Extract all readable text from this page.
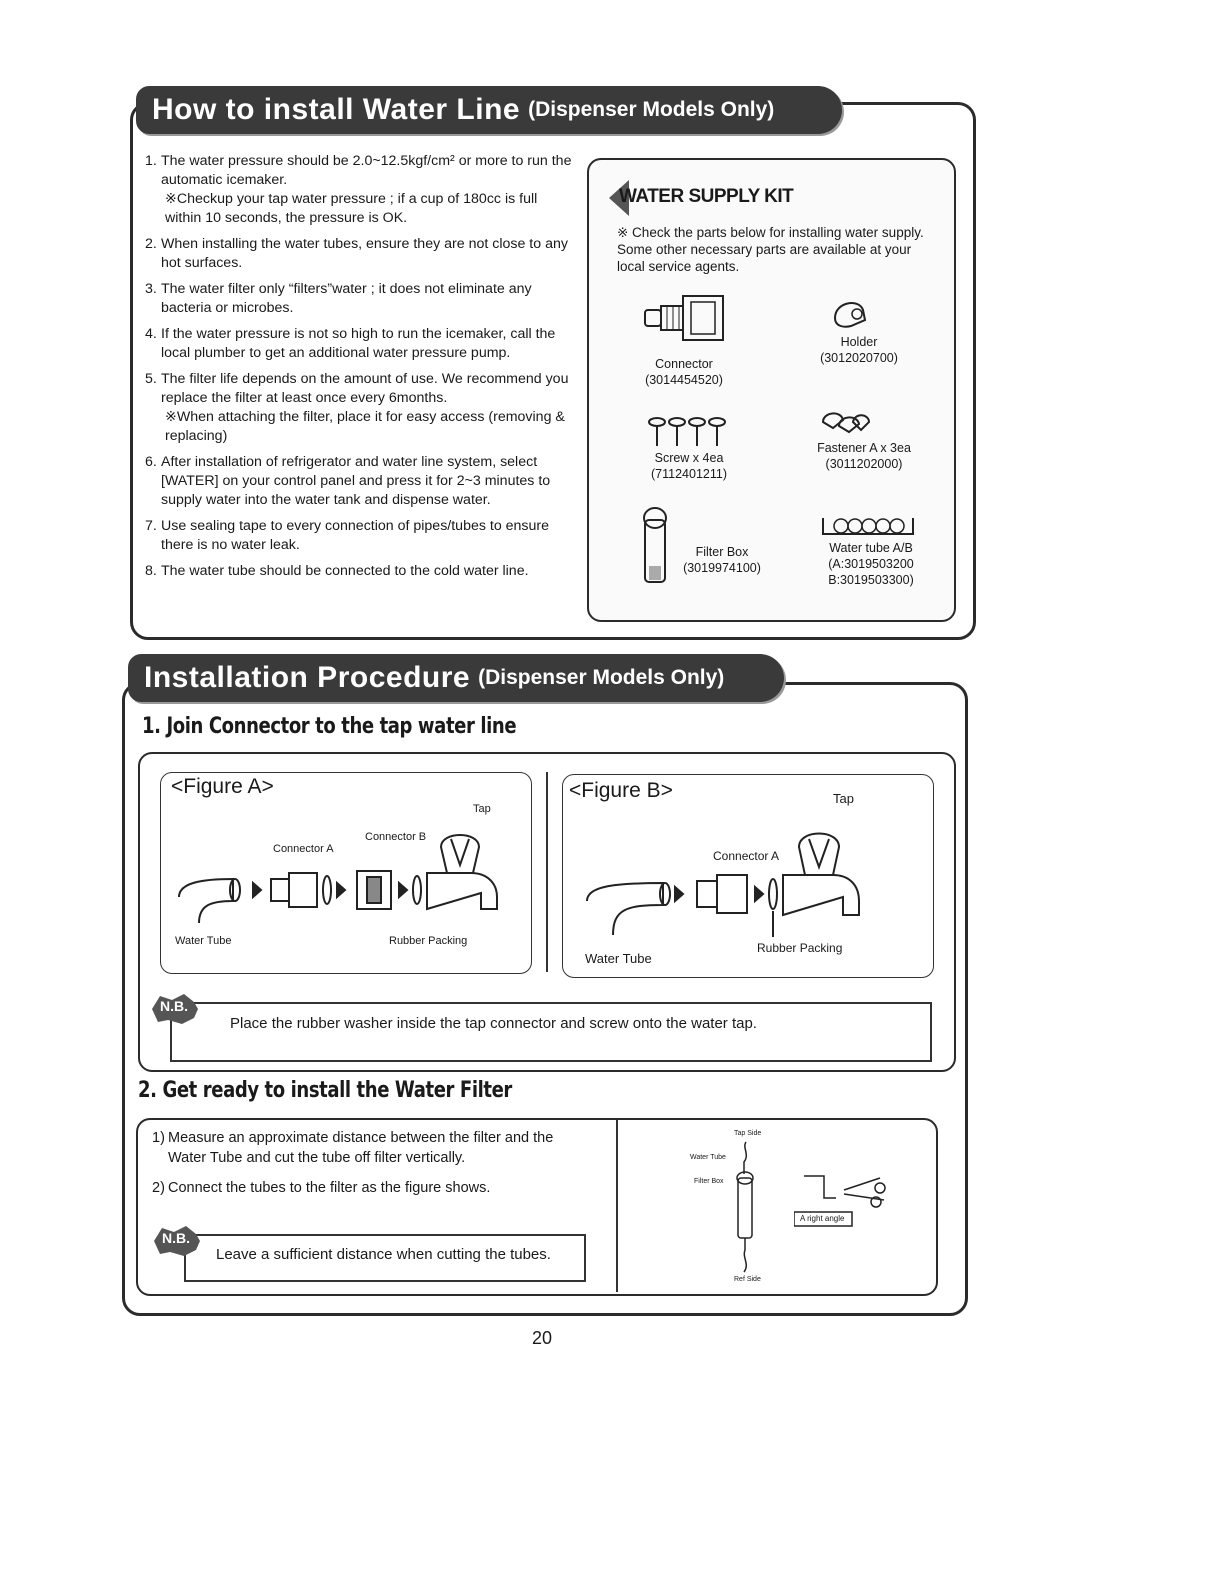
How to install Water Line (Dispenser Models Only)
1. The water pressure should be 2.0~12.5kgf/cm² or more to run the automatic icemaker.
※Checkup your tap water pressure ; if a cup of 180cc is full within 10 seconds, the pressure is OK.
2. When installing the water tubes, ensure they are not close to any hot surfaces.
3. The water filter only “filters”water ; it does not eliminate any bacteria or microbes.
4. If the water pressure is not so high to run the icemaker, call the local plumber to get an additional water pressure pump.
5. The filter life depends on the amount of use. We recommend you replace the filter at least once every 6months.
※When attaching the filter, place it for easy access (removing & replacing)
6. After installation of refrigerator and water line system, select [WATER] on your control panel and press it for 2~3 minutes to supply water into the water tank and dispense water.
7. Use sealing tape to every connection of pipes/tubes to ensure there is no water leak.
8. The water tube should be connected to the cold water line.
WATER SUPPLY KIT
※ Check the parts below for installing water supply. Some other necessary parts are available at your local service agents.
Connector
(3014454520)
Holder
(3012020700)
Screw x 4ea
(7112401211)
Fastener A x 3ea
(3011202000)
Filter Box
(3019974100)
Water tube A/B
(A:3019503200
B:3019503300)
Installation Procedure (Dispenser Models Only)
1. Join Connector to the tap water line
<Figure A>
Tap
Connector B
Connector A
Water Tube	Rubber Packing
<Figure B>	Tap
Connector A
Water Tube
Rubber Packing
N.B.
Place the rubber washer inside the tap connector and screw onto the water tap.
2. Get ready to install the Water Filter
1) Measure an approximate distance between the filter and the Water Tube and cut the tube off filter vertically.
2) Connect the tubes to the filter as the figure shows.
N.B.
Leave a sufficient distance when cutting the tubes.
Tap Side
Water Tube
Filter Box
Ref Side
A right angle
20
